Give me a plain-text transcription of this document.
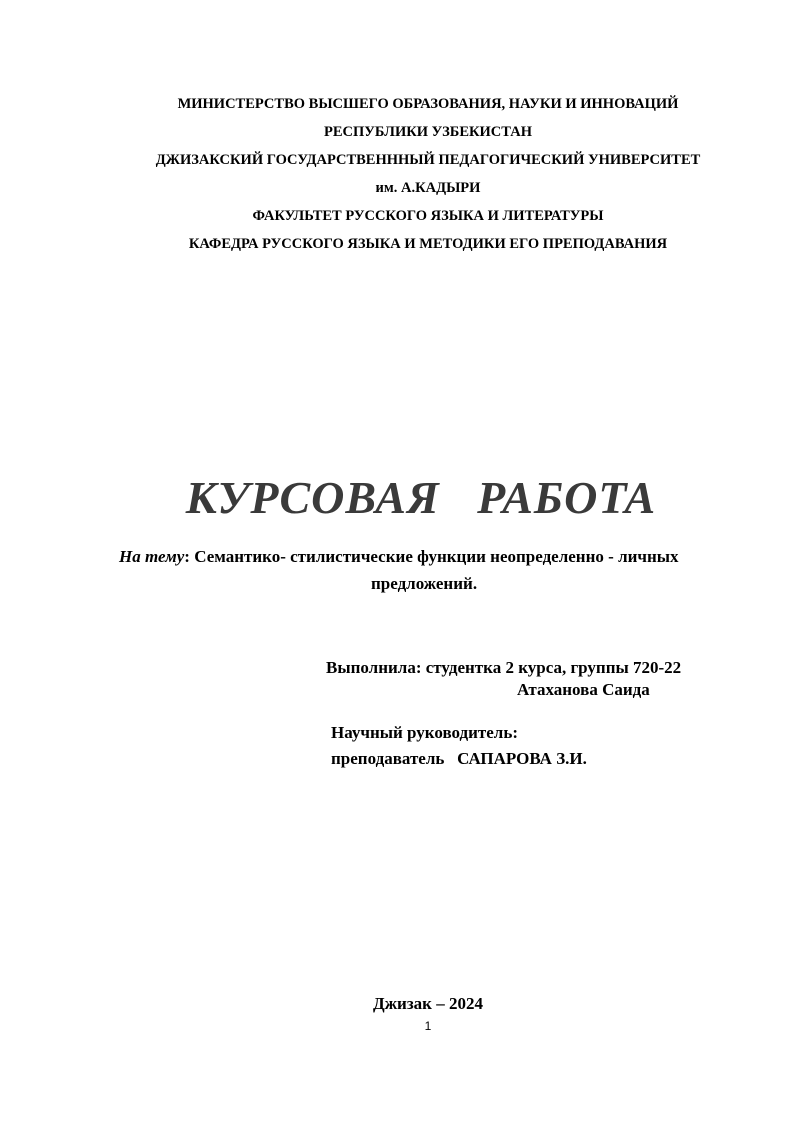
МИНИСТЕРСТВО ВЫСШЕГО ОБРАЗОВАНИЯ, НАУКИ И ИННОВАЦИЙ
РЕСПУБЛИКИ УЗБЕКИСТАН
ДЖИЗАКСКИЙ ГОСУДАРСТВЕНННЫЙ ПЕДАГОГИЧЕСКИЙ УНИВЕРСИТЕТ
им. А.КАДЫРИ
ФАКУЛЬТЕТ РУССКОГО ЯЗЫКА И ЛИТЕРАТУРЫ
КАФЕДРА РУССКОГО ЯЗЫКА И МЕТОДИКИ ЕГО ПРЕПОДАВАНИЯ
КУРСОВАЯ   РАБОТА
На тему: Семантико- стилистические функции неопределенно - личных
предложений.
Выполнила: студентка 2 курса, группы 720-22
Атаханова Саида
Научный руководитель:
преподаватель   САПАРОВА З.И.
Джизак – 2024
1
